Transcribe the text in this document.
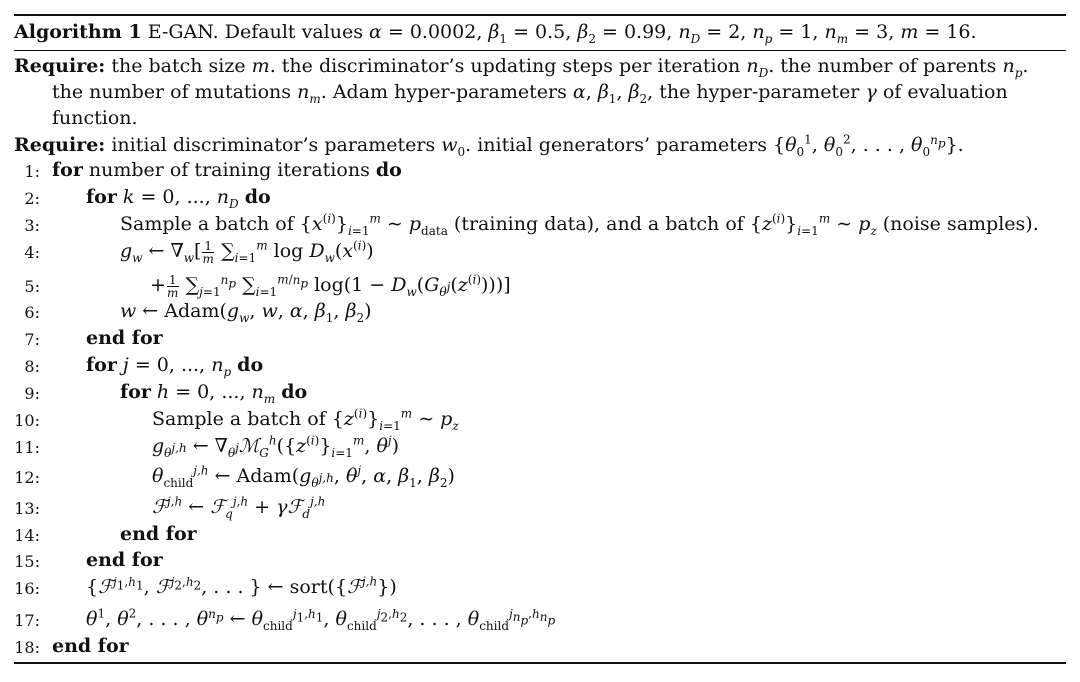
Algorithm 1 E-GAN. Default values α = 0.0002, $\beta_1 = 0.5$, $\beta_2 = 0.99$, $n_D = 2$, $n_p = 1$, $n_m = 3$, m = 16.
Require: the batch size m. the discriminator’s updating steps per iteration $n_D$. the number of parents $n_p$.
the number of mutations $n_m$. Adam hyper-parameters α, $\beta_1$, $\beta_2$, the hyper-parameter γ of evaluation
function.
Require: initial discriminator’s parameters $w_0$. initial generators’ parameters {$\theta_0^1$, $\theta_0^2$, . . . , $\theta_0^{n_p}$}.
1:
2:
3:
4:
5:
6:
7:
8:
9:
10:
11:
12:
13:
14:
15:
16:
17:
18:
for number of training iterations do
for k = 0, ..., $n_D$ do
Sample a batch of $\{x^{(i)}\}_{i=1}^m$ ∼ $p_{data}$ (training data), and a batch of $\{z^{(i)}\}_{i=1}^m$ ∼ $p_z$ (noise samples).
$g_w$ ← $\nabla_w[ \frac{1}{m} \sum_{i=1}^m$ $\log D_w(x^{(i)})$
+ $\frac{1}{m} \sum_{j=1}^{n_p}$ $\sum_{i=1}^{m/n_p}$ $\log(1 - D_w(G_{\theta^j}(z^{(i)})))$]
w ← $Adam(g_w$, w, α, $\beta_1$, $\beta_2$)
end for
for j = 0, ..., $n_p$ do
for h = 0, ..., $n_m$ do
Sample a batch of $\{z^{(i)}\}_{i=1}^m$ ∼ $p_z$
$g_{\theta^{j,h}}$ ← $\nabla_{\theta^j}ℳ_G^h(\{z^{(i)}\}_{i=1}^m$, $\theta^j$)
$\theta_{child}^{j,h}$ ← $Adam(g_{\theta^{j,h}}$, $\theta^j$, α, $\beta_1$, $\beta_2$)
ℱ$^{j,h}$ ← ℱ$_q^{j,h}$ + γℱ$_d^{j,h}$
end for
end for
{ℱ$^{j_1,h_1}$, ℱ$^{j_2,h_2}$, . . . } ← sort({ℱ$^{j,h}$})
$\theta^1$, $\theta^2$, . . . , $\theta^{n_p}$ ← $\theta_{child}^{j_1,h_1}$, $\theta_{child}^{j_2,h_2}$, . . . , $\theta_{child}^{j_{n_p},h_{n_p}}$
end for
